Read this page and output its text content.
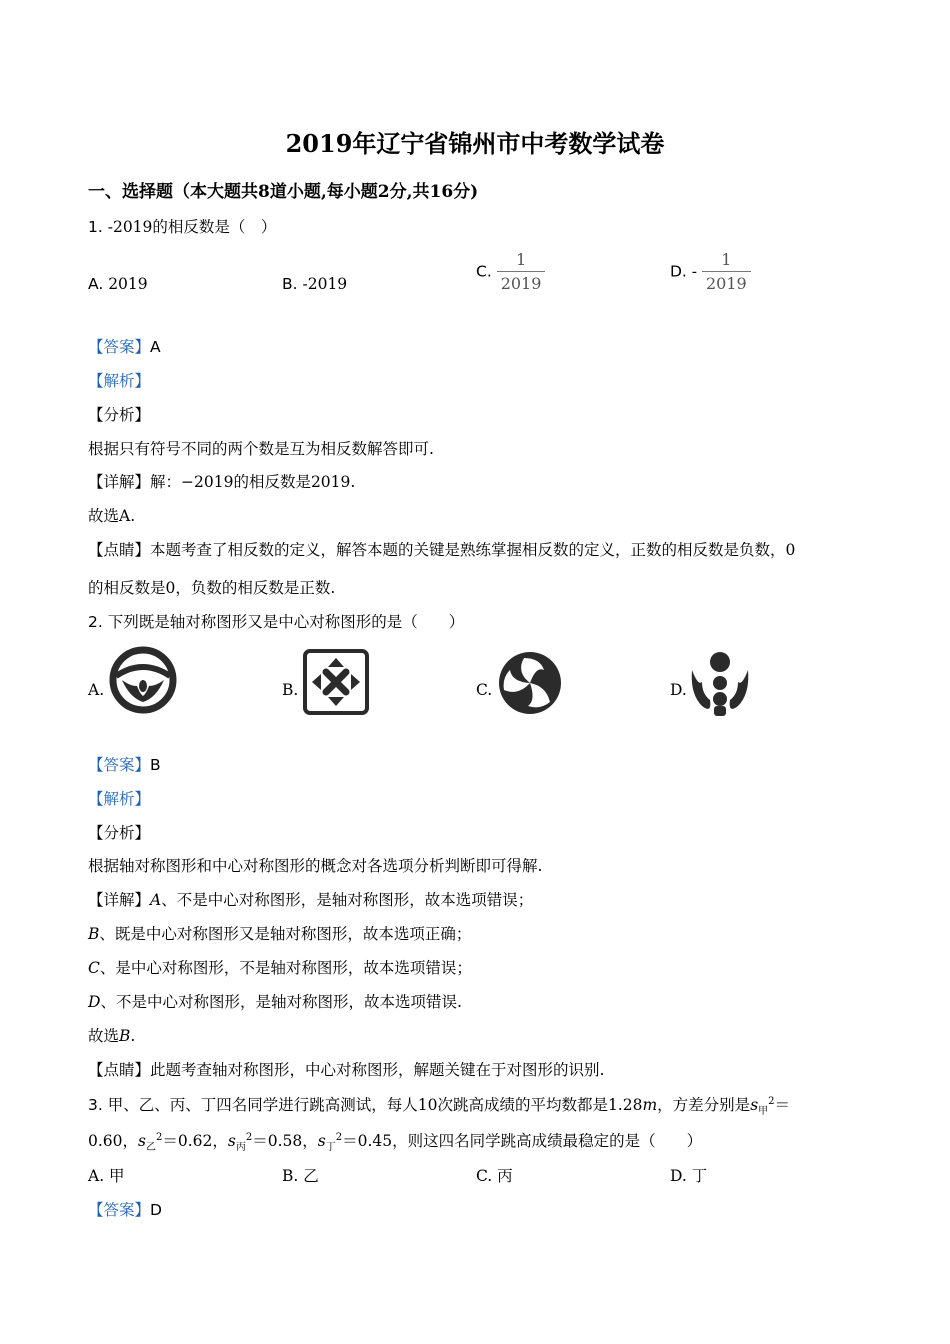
2019年辽宁省锦州市中考数学试卷
一、选择题（本大题共8道小题,每小题2分,共16分)
1. -2019的相反数是（　）
A. 2019	B. -2019
C. $\frac{1}{2019}$	D. - $\frac{1}{2019}$
【答案】A
【解析】
【分析】
根据只有符号不同的两个数是互为相反数解答即可.
【详解】解：−2019的相反数是2019.
故选A.
【点睛】本题考查了相反数的定义，解答本题的关键是熟练掌握相反数的定义，正数的相反数是负数，0
的相反数是0，负数的相反数是正数.
2. 下列既是轴对称图形又是中心对称图形的是（　　）
A.	B.	C.	D.
【答案】B
【解析】
【分析】
根据轴对称图形和中心对称图形的概念对各选项分析判断即可得解.
【详解】A、不是中心对称图形，是轴对称图形，故本选项错误；
B、既是中心对称图形又是轴对称图形，故本选项正确；
C、是中心对称图形，不是轴对称图形，故本选项错误；
D、不是中心对称图形，是轴对称图形，故本选项错误.
故选B.
【点睛】此题考查轴对称图形，中心对称图形，解题关键在于对图形的识别.
3. 甲、乙、丙、丁四名同学进行跳高测试，每人10次跳高成绩的平均数都是1.28m，方差分别是$s_甲^2=$
0.60，$s_乙^2=0.62$，$s_丙^2=0.58$，$s_丁^2=0.45$，则这四名同学跳高成绩最稳定的是（　　）
A. 甲	B. 乙	C. 丙	D. 丁
【答案】D
